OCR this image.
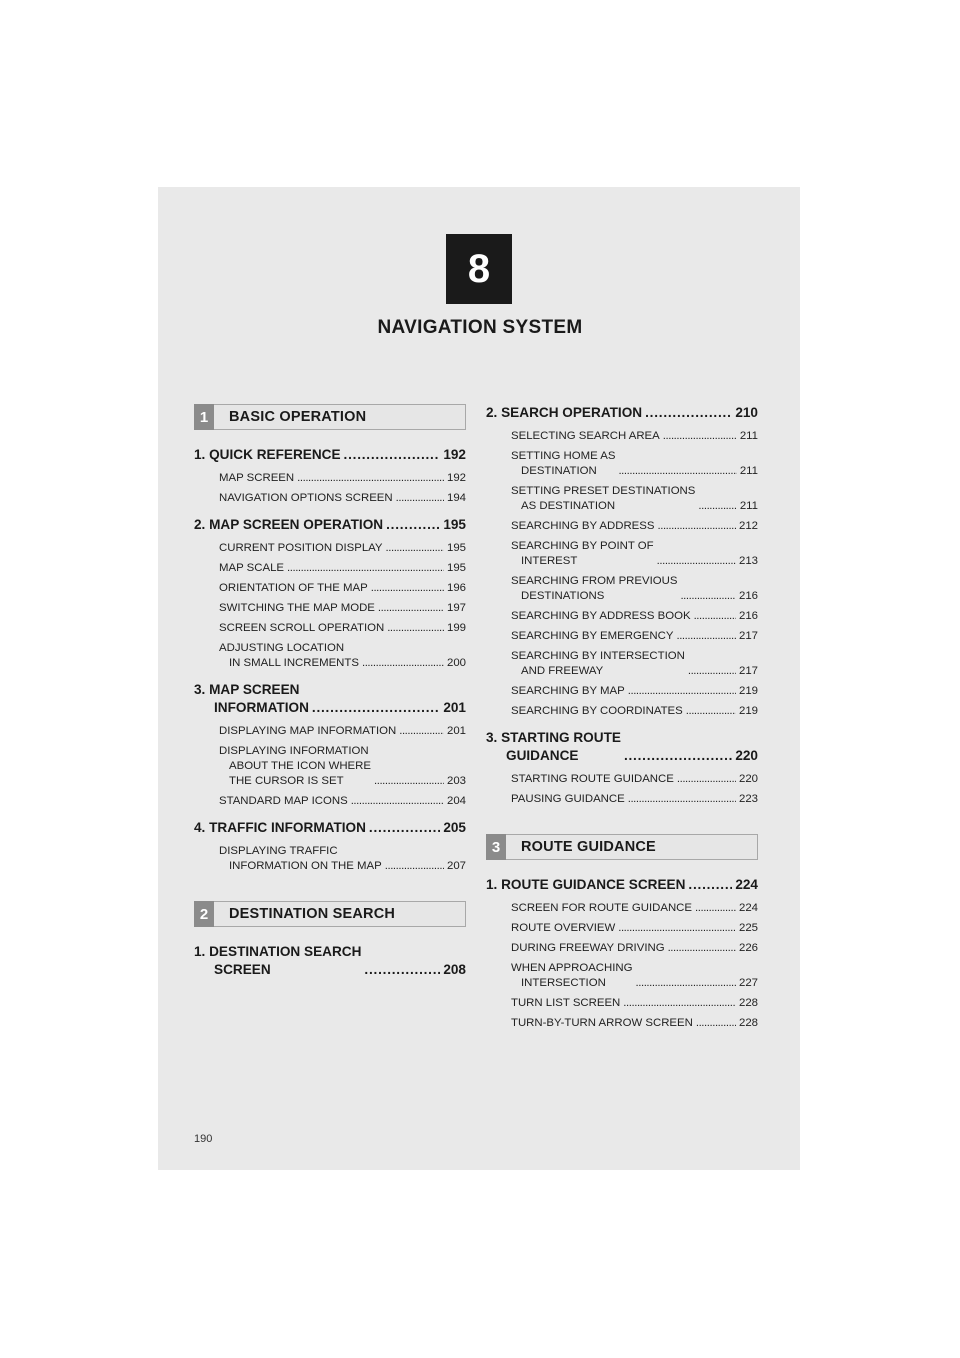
8
NAVIGATION SYSTEM
1	BASIC OPERATION
1. QUICK REFERENCE . . .	192
MAP SCREEN . . .	192
NAVIGATION OPTIONS SCREEN . . .	194
2. MAP SCREEN OPERATION . . .	195
CURRENT POSITION DISPLAY . . .	195
MAP SCALE . . .	195
ORIENTATION OF THE MAP . . .	196
SWITCHING THE MAP MODE . . .	197
SCREEN SCROLL OPERATION . . .	199
ADJUSTING LOCATION
IN SMALL INCREMENTS . . .	200
3. MAP SCREEN
INFORMATION . . .	201
DISPLAYING MAP INFORMATION . . .	201
DISPLAYING INFORMATION
ABOUT THE ICON WHERE
THE CURSOR IS SET . . .	203
STANDARD MAP ICONS . . .	204
4. TRAFFIC INFORMATION . . .	205
DISPLAYING TRAFFIC
INFORMATION ON THE MAP . . .	207
2	DESTINATION SEARCH
1. DESTINATION SEARCH
SCREEN . . .	208
2. SEARCH OPERATION . . .	210
SELECTING SEARCH AREA . . .	211
SETTING HOME AS
DESTINATION . . .	211
SETTING PRESET DESTINATIONS
AS DESTINATION . . .	211
SEARCHING BY ADDRESS . . .	212
SEARCHING BY POINT OF
INTEREST . . .	213
SEARCHING FROM PREVIOUS
DESTINATIONS . . .	216
SEARCHING BY ADDRESS BOOK . . .	216
SEARCHING BY EMERGENCY . . .	217
SEARCHING BY INTERSECTION
AND FREEWAY . . .	217
SEARCHING BY MAP . . .	219
SEARCHING BY COORDINATES . . .	219
3. STARTING ROUTE
GUIDANCE . . .	220
STARTING ROUTE GUIDANCE . . .	220
PAUSING GUIDANCE . . .	223
3	ROUTE GUIDANCE
1. ROUTE GUIDANCE SCREEN . . .	224
SCREEN FOR ROUTE GUIDANCE . . .	224
ROUTE OVERVIEW . . .	225
DURING FREEWAY DRIVING . . .	226
WHEN APPROACHING
INTERSECTION . . .	227
TURN LIST SCREEN . . .	228
TURN-BY-TURN ARROW SCREEN . . .	228
190
